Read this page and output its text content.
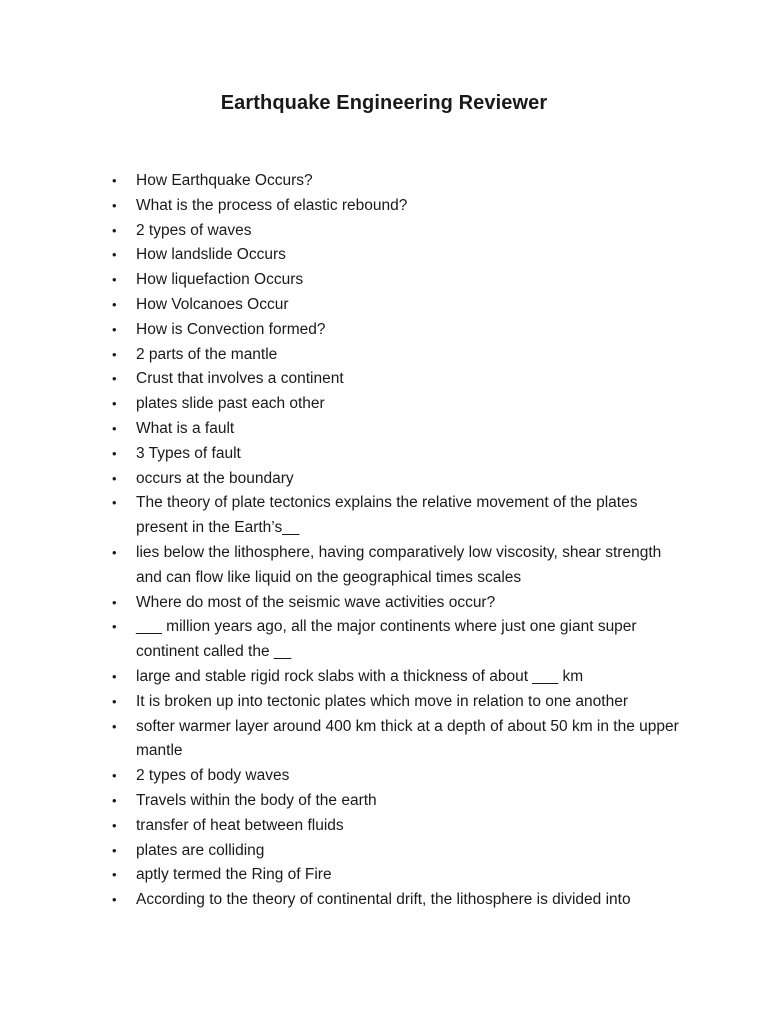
Earthquake Engineering Reviewer
• How Earthquake Occurs?
• What is the process of elastic rebound?
• 2 types of waves
• How landslide Occurs
• How liquefaction Occurs
• How Volcanoes Occur
• How is Convection formed?
• 2 parts of the mantle
• Crust that involves a continent
• plates slide past each other
• What is a fault
• 3 Types of fault
• occurs at the boundary
• The theory of plate tectonics explains the relative movement of the plates present in the Earth’s__
• lies below the lithosphere, having comparatively low viscosity, shear strength and can flow like liquid on the geographical times scales
• Where do most of the seismic wave activities occur?
• ___ million years ago, all the major continents where just one giant super continent called the __
• large and stable rigid rock slabs with a thickness of about ___ km
• It is broken up into tectonic plates which move in relation to one another
• softer warmer layer around 400 km thick at a depth of about 50 km in the upper mantle
• 2 types of body waves
• Travels within the body of the earth
• transfer of heat between fluids
• plates are colliding
• aptly termed the Ring of Fire
• According to the theory of continental drift, the lithosphere is divided into
